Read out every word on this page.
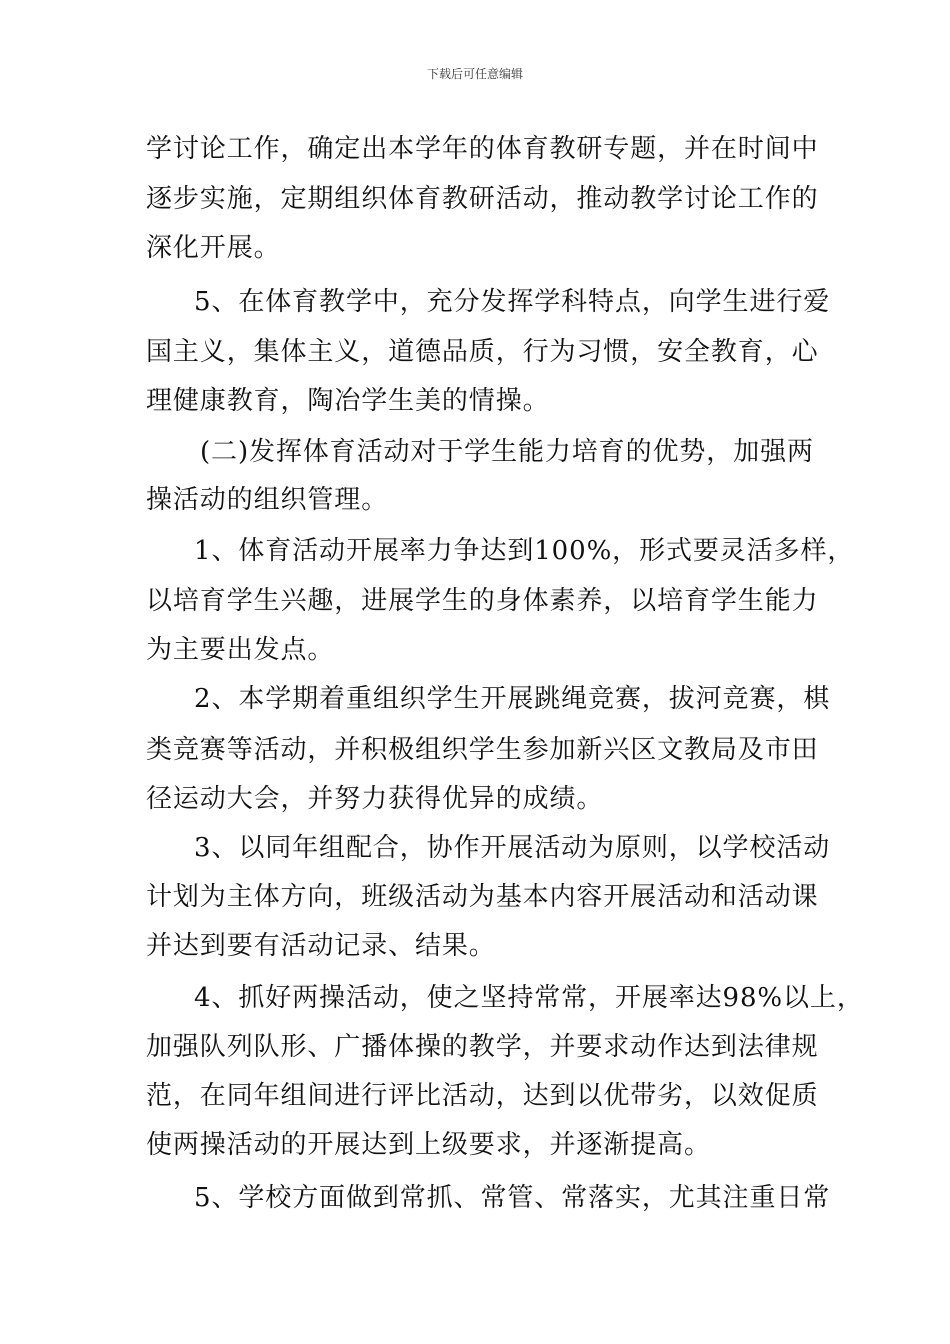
下载后可任意编辑
学讨论工作，确定出本学年的体育教研专题，并在时间中
逐步实施，定期组织体育教研活动，推动教学讨论工作的
深化开展。
5、在体育教学中，充分发挥学科特点，向学生进行爱
国主义，集体主义，道德品质，行为习惯，安全教育，心
理健康教育，陶冶学生美的情操。
(二)发挥体育活动对于学生能力培育的优势，加强两
操活动的组织管理。
1、体育活动开展率力争达到100%，形式要灵活多样，
以培育学生兴趣，进展学生的身体素养，以培育学生能力
为主要出发点。
2、本学期着重组织学生开展跳绳竞赛，拔河竞赛，棋
类竞赛等活动，并积极组织学生参加新兴区文教局及市田
径运动大会，并努力获得优异的成绩。
3、以同年组配合，协作开展活动为原则，以学校活动
计划为主体方向，班级活动为基本内容开展活动和活动课
并达到要有活动记录、结果。
4、抓好两操活动，使之坚持常常，开展率达98%以上，
加强队列队形、广播体操的教学，并要求动作达到法律规
范，在同年组间进行评比活动，达到以优带劣，以效促质
使两操活动的开展达到上级要求，并逐渐提高。
5、学校方面做到常抓、常管、常落实，尤其注重日常
